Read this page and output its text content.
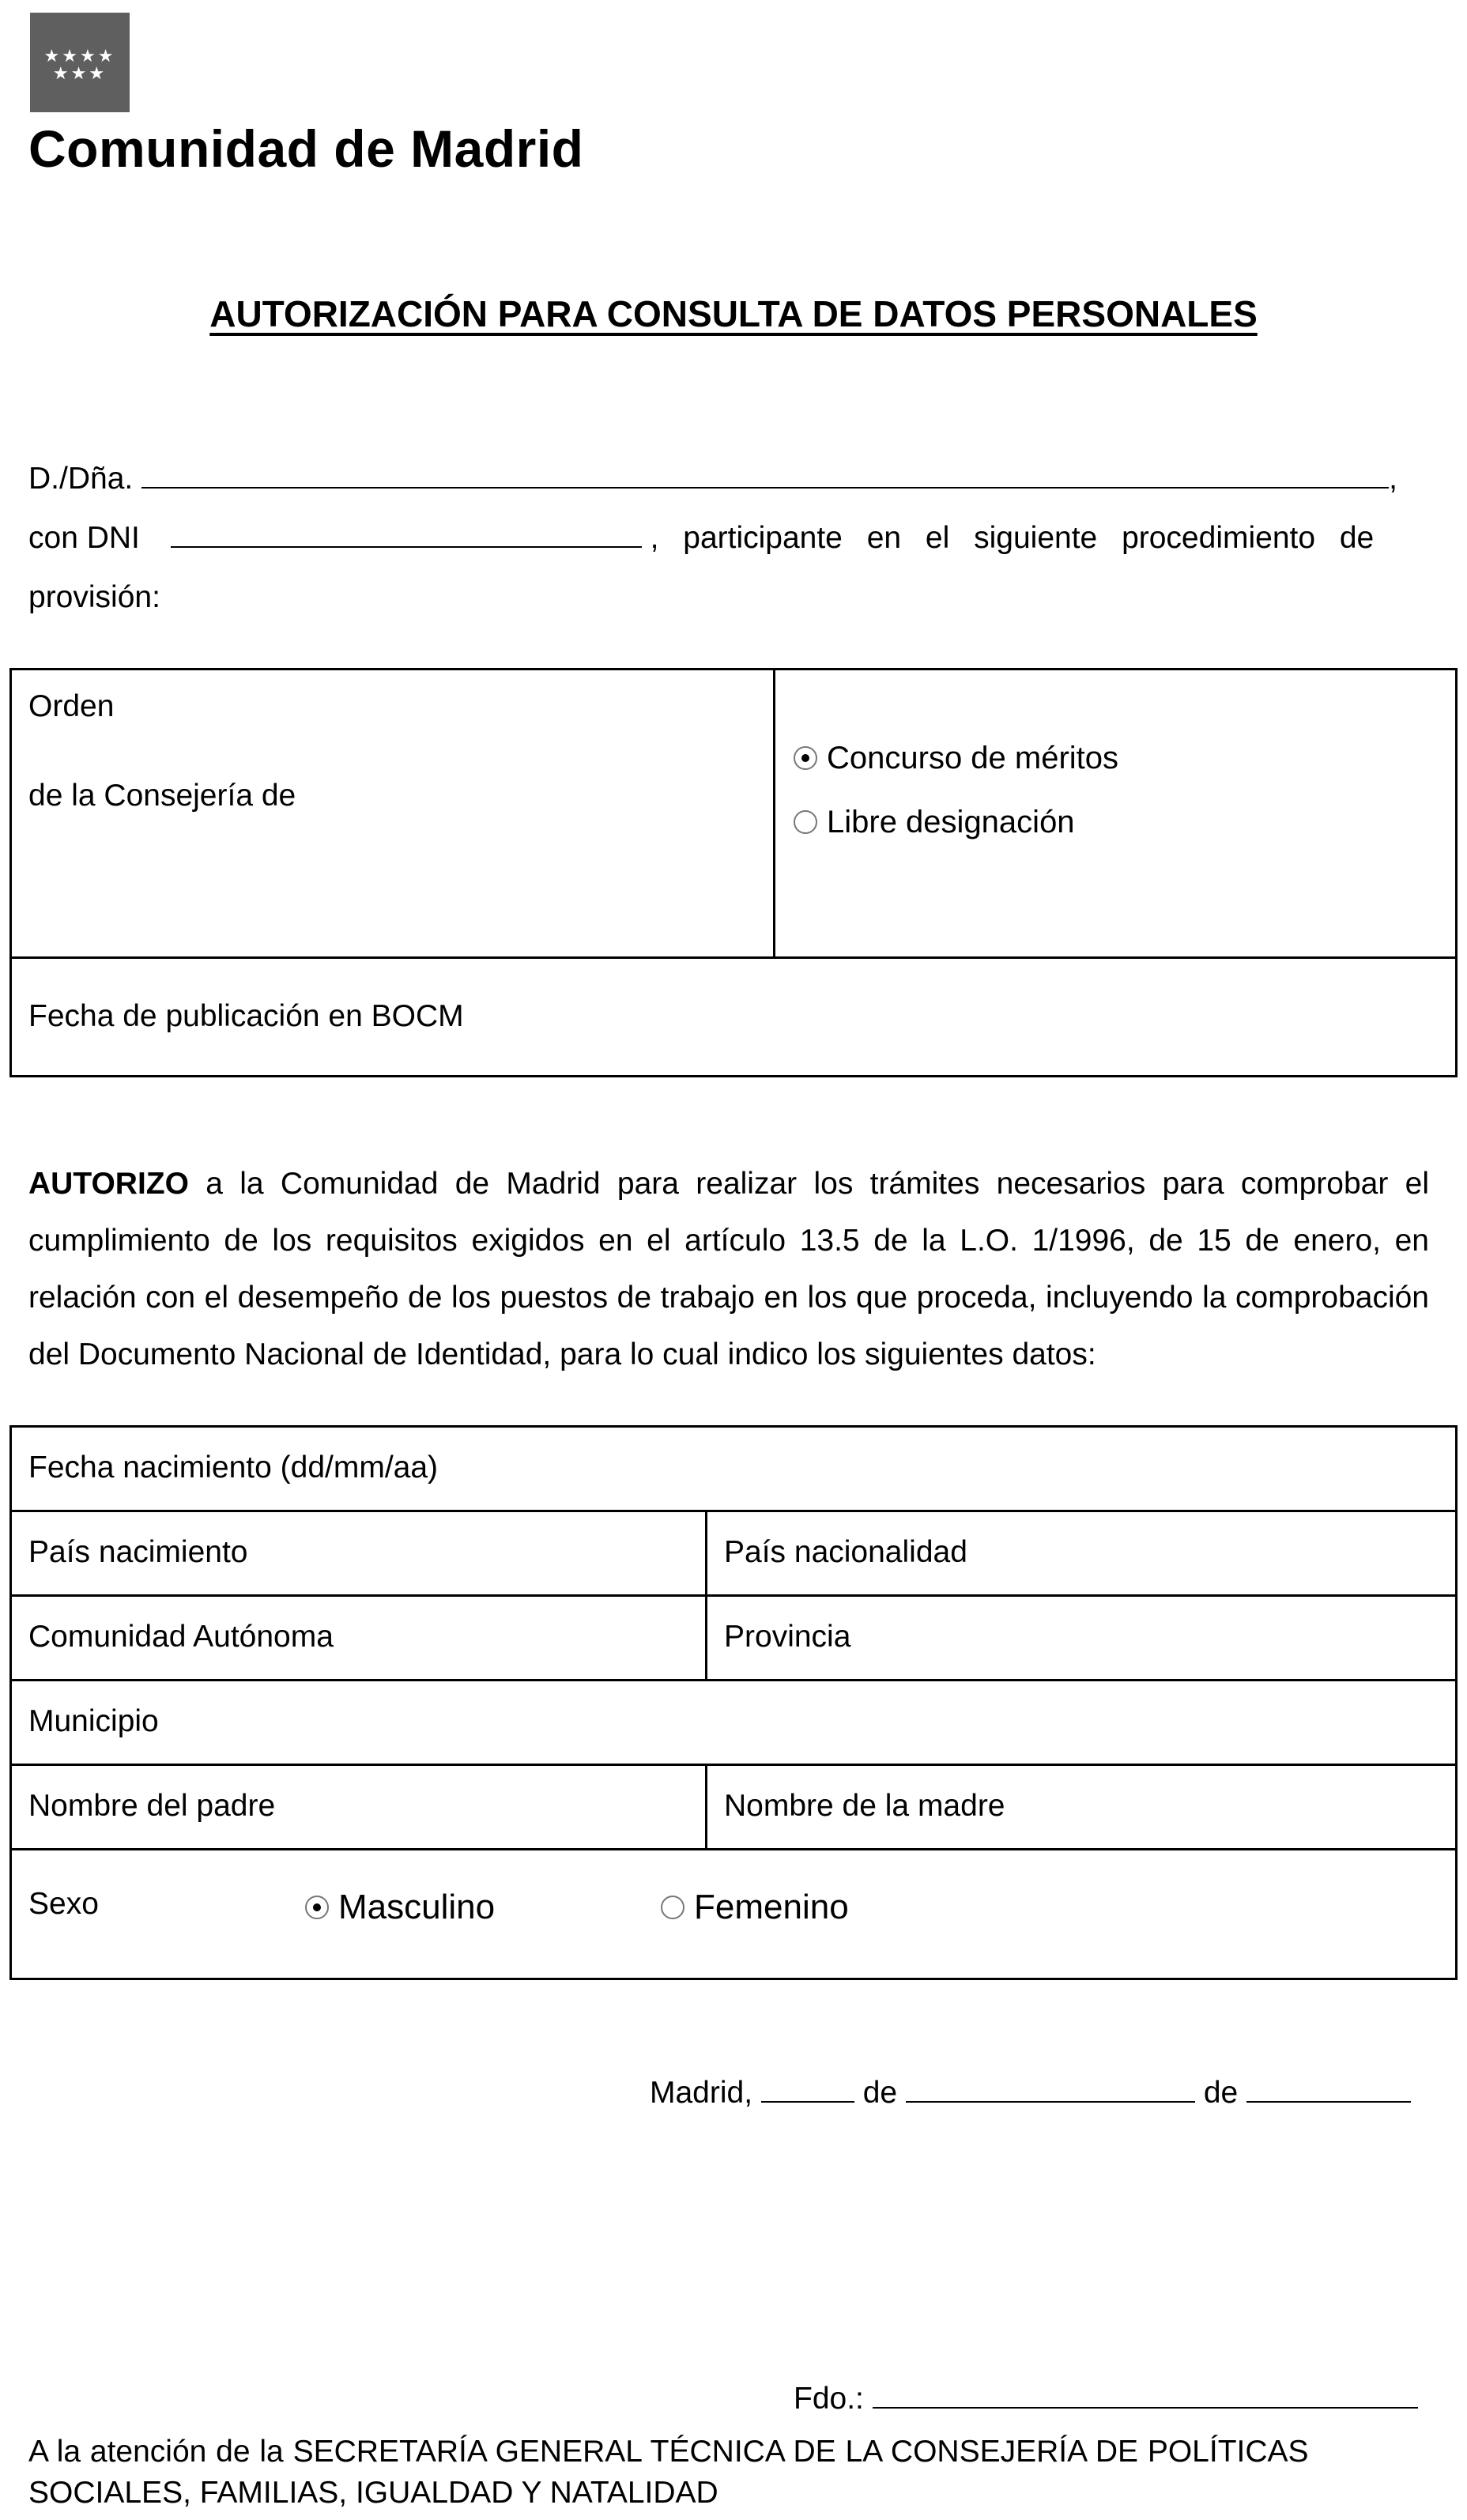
★★★★
★★★
Comunidad de Madrid
AUTORIZACIÓN PARA CONSULTA DE DATOS PERSONALES
D./Dña.	,
con DNI	, participante en el siguiente procedimiento de
provisión:
Orden
de la Consejería de
Concurso de méritos
Libre designación
Fecha de publicación en BOCM
AUTORIZO a la Comunidad de Madrid para realizar los trámites necesarios para comprobar el cumplimiento de los requisitos exigidos en el artículo 13.5 de la L.O. 1/1996, de 15 de enero, en relación con el desempeño de los puestos de trabajo en los que proceda, incluyendo la comprobación del Documento Nacional de Identidad, para lo cual indico los siguientes datos:
Fecha nacimiento (dd/mm/aa)
País nacimiento	País nacionalidad
Comunidad Autónoma	Provincia
Municipio
Nombre del padre	Nombre de la madre
Sexo	Masculino	Femenino
Madrid,	de	de
Fdo.:
A la atención de la SECRETARÍA GENERAL TÉCNICA DE LA CONSEJERÍA DE POLÍTICAS
SOCIALES, FAMILIAS, IGUALDAD Y NATALIDAD
